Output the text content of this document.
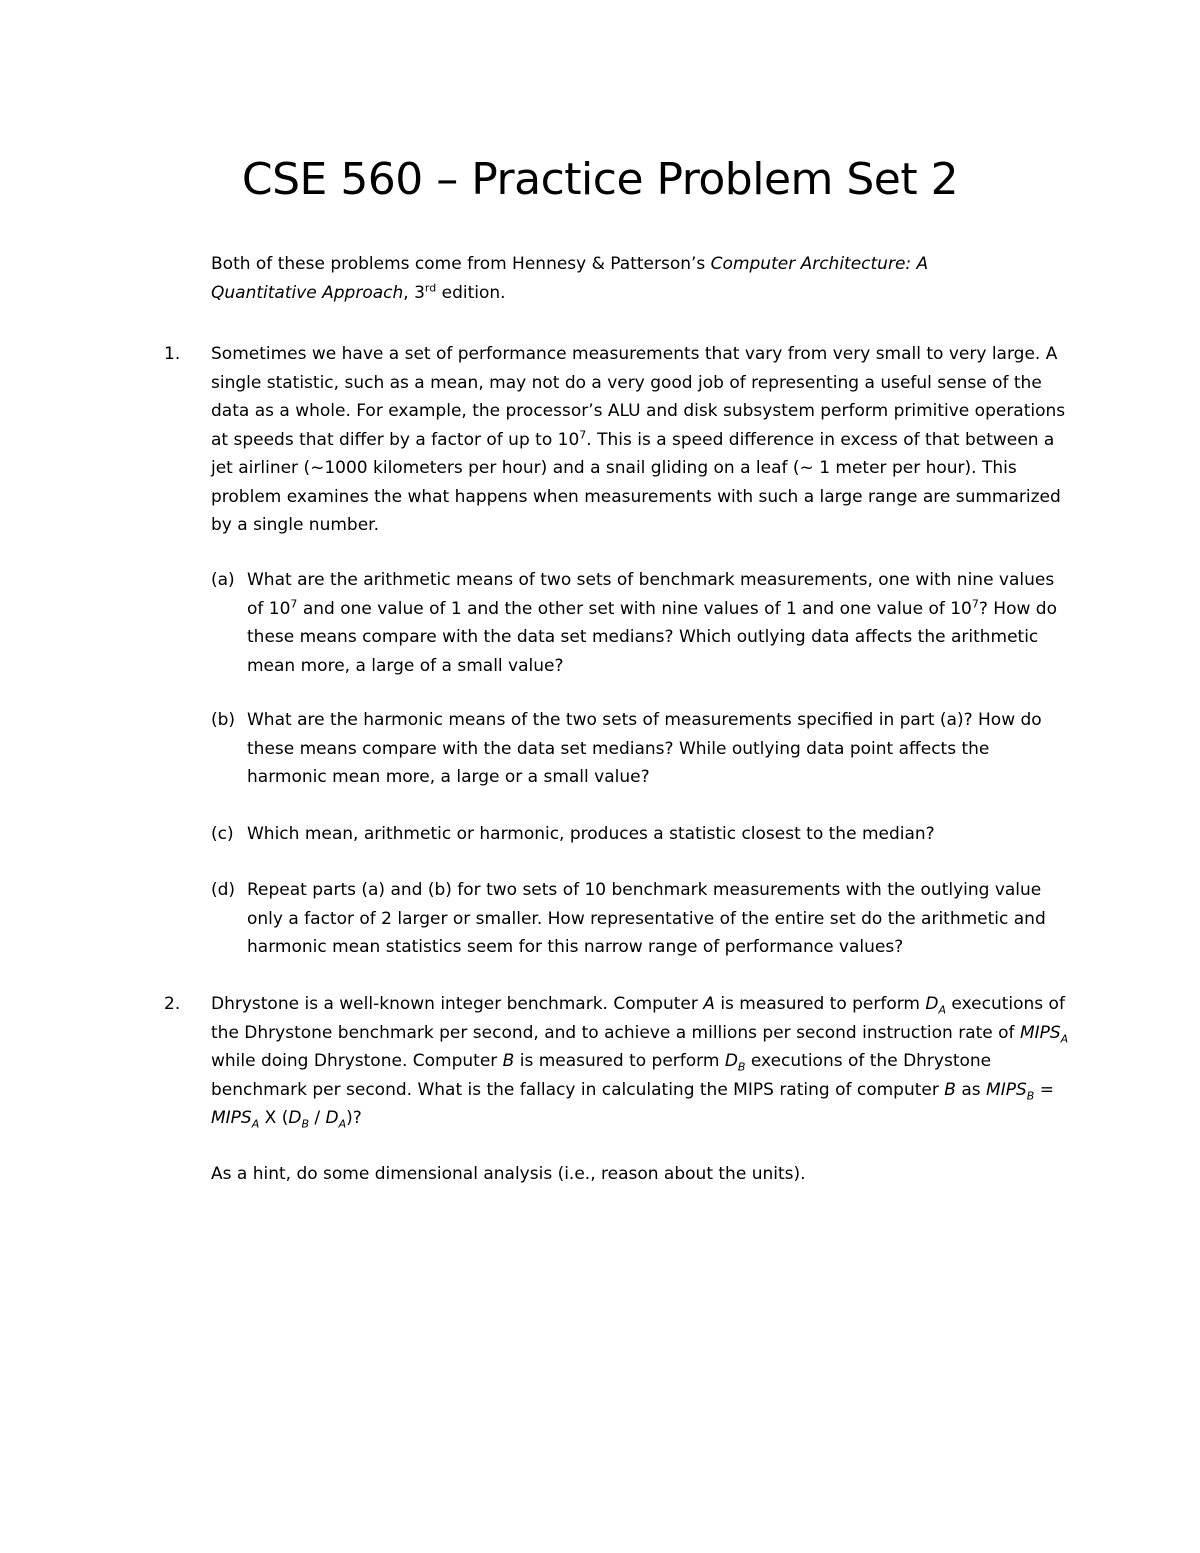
CSE 560 – Practice Problem Set 2
Both of these problems come from Hennesy & Patterson’s Computer Architecture: A Quantitative Approach, 3rd edition.
1. Sometimes we have a set of performance measurements that vary from very small to very large. A single statistic, such as a mean, may not do a very good job of representing a useful sense of the data as a whole. For example, the processor’s ALU and disk subsystem perform primitive operations at speeds that differ by a factor of up to $10^7$. This is a speed difference in excess of that between a jet airliner (~1000 kilometers per hour) and a snail gliding on a leaf (~ 1 meter per hour). This problem examines the what happens when measurements with such a large range are summarized by a single number.
(a) What are the arithmetic means of two sets of benchmark measurements, one with nine values of $10^7$ and one value of 1 and the other set with nine values of 1 and one value of $10^7$? How do these means compare with the data set medians? Which outlying data affects the arithmetic mean more, a large of a small value?
(b) What are the harmonic means of the two sets of measurements specified in part (a)? How do these means compare with the data set medians? While outlying data point affects the harmonic mean more, a large or a small value?
(c) Which mean, arithmetic or harmonic, produces a statistic closest to the median?
(d) Repeat parts (a) and (b) for two sets of 10 benchmark measurements with the outlying value only a factor of 2 larger or smaller. How representative of the entire set do the arithmetic and harmonic mean statistics seem for this narrow range of performance values?
2. Dhrystone is a well-known integer benchmark. Computer A is measured to perform $D_A$ executions of the Dhrystone benchmark per second, and to achieve a millions per second instruction rate of $MIPS_A$ while doing Dhrystone. Computer B is measured to perform $D_B$ executions of the Dhrystone benchmark per second. What is the fallacy in calculating the MIPS rating of computer B as $MIPS_B$ = $MIPS_A$ X $(D_B / D_A)$?
As a hint, do some dimensional analysis (i.e., reason about the units).
